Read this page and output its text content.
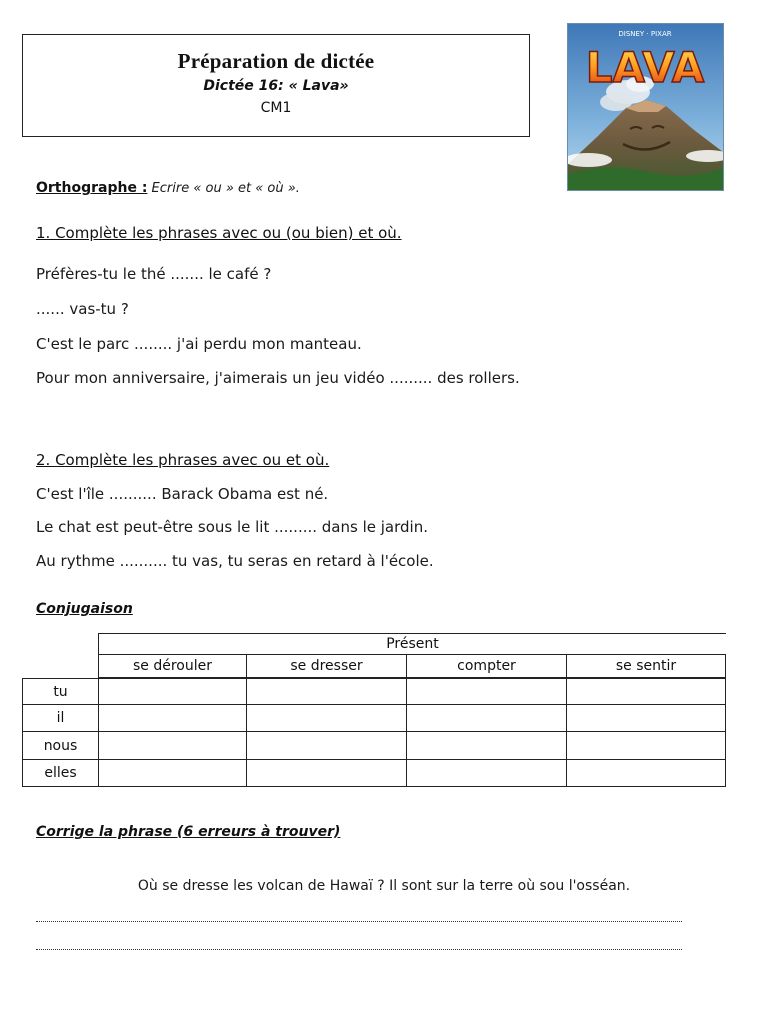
Préparation de dictée
Dictée 16: « Lava»
CM1
DISNEY · PIXAR
LAVA
Orthographe : Ecrire « ou » et « où ».
1. Complète les phrases avec ou (ou bien) et où.
Préfères-tu le thé ....... le café ?
...... vas-tu ?
C'est le parc ........ j'ai perdu mon manteau.
Pour mon anniversaire, j'aimerais un jeu vidéo ......... des rollers.
2. Complète les phrases avec ou et où.
C'est l'île .......... Barack Obama est né.
Le chat est peut-être sous le lit ......... dans le jardin.
Au rythme .......... tu vas, tu seras en retard à l'école.
Conjugaison
Présent
se dérouler	se dresser	compter	se sentir
tu
il
nous
elles
Corrige la phrase (6 erreurs à trouver)
Où se dresse les volcan de Hawaï ? Il sont sur la terre où sou l'osséan.
